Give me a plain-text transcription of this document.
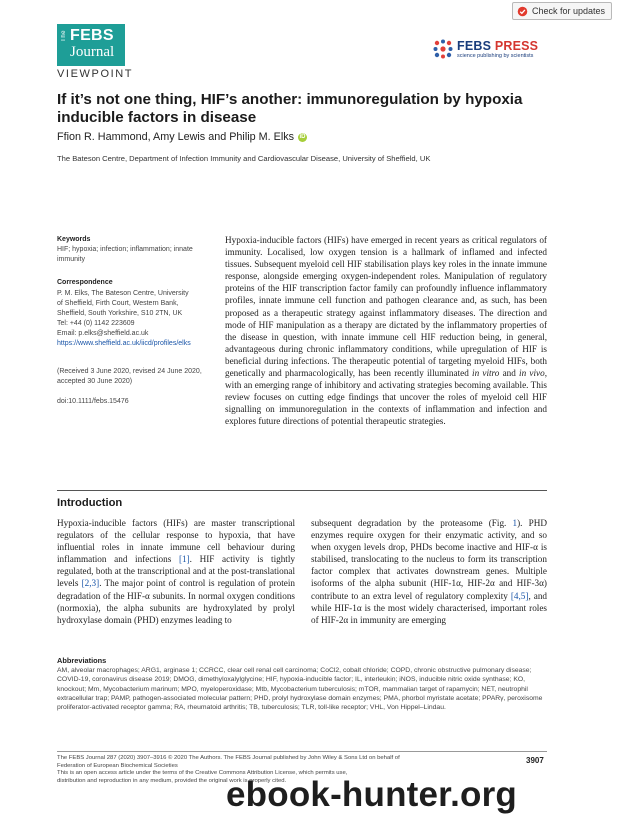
Check for updates
The FEBS
Journal	FEBS PRESS
science publishing by scientists
VIEWPOINT
If it’s not one thing, HIF’s another: immunoregulation by hypoxia inducible factors in disease
Ffion R. Hammond, Amy Lewis and Philip M. Elks iD
The Bateson Centre, Department of Infection Immunity and Cardiovascular Disease, University of Sheffield, UK
Keywords
HIF; hypoxia; infection; inflammation; innate immunity
Correspondence
P. M. Elks, The Bateson Centre, University
of Sheffield, Firth Court, Western Bank,
Sheffield, South Yorkshire, S10 2TN, UK
Tel: +44 (0) 1142 223609
Email: p.elks@sheffield.ac.uk
https://www.sheffield.ac.uk/iicd/profiles/elks
(Received 3 June 2020, revised 24 June 2020, accepted 30 June 2020)
doi:10.1111/febs.15476

Hypoxia-inducible factors (HIFs) have emerged in recent years as critical regulators of immunity. Localised, low oxygen tension is a hallmark of inflamed and infected tissues. Subsequent myeloid cell HIF stabilisation plays key roles in the innate immune response, alongside emerging oxygen-independent roles. Manipulation of regulatory proteins of the HIF transcription factor family can profoundly influence inflammatory profiles, innate immune cell function and pathogen clearance and, as such, has been proposed as a therapeutic strategy against inflammatory diseases. The direction and mode of HIF manipulation as a therapy are dictated by the inflammatory properties of the disease in question, with innate immune cell HIF reduction being, in general, advantageous during chronic inflammatory conditions, while upregulation of HIF is beneficial during infections. The therapeutic potential of targeting myeloid HIFs, both genetically and pharmacologically, has been recently illuminated in vitro and in vivo, with an emerging range of inhibitory and activating strategies becoming available. This review focuses on cutting edge findings that uncover the roles of myeloid cell HIF signalling on immunoregulation in the contexts of inflammation and infection and explores future directions of potential therapeutic strategies.

Introduction

Hypoxia-inducible factors (HIFs) are master transcriptional regulators of the cellular response to hypoxia, that have influential roles in innate immune cell behaviour during inflammation and infections [1]. HIF activity is tightly regulated, both at the transcriptional and at the post-translational levels [2,3]. The major point of control is regulation of protein degradation of the HIF-α subunits. In normal oxygen conditions (normoxia), the alpha subunits are hydroxylated by prolyl hydroxylase domain (PHD) enzymes leading to

subsequent degradation by the proteasome (Fig. 1). PHD enzymes require oxygen for their enzymatic activity, and so when oxygen levels drop, PHDs become inactive and HIF-α is stabilised, translocating to the nucleus to form its transcription factor complex that activates downstream genes. Multiple isoforms of the alpha subunit (HIF-1α, HIF-2α and HIF-3α) contribute to an extra level of regulatory complexity [4,5], and while HIF-1α is the most widely characterised, important roles of HIF-2α in immunity are emerging

Abbreviations

AM, alveolar macrophages; ARG1, arginase 1; CCRCC, clear cell renal cell carcinoma; CoCl2, cobalt chloride; COPD, chronic obstructive pulmonary disease; COVID-19, coronavirus disease 2019; DMOG, dimethyloxalylglycine; HIF, hypoxia-inducible factor; IL, interleukin; iNOS, inducible nitric oxide synthase; KO, knockout; Mm, Mycobacterium marinum; MPO, myeloperoxidase; Mtb, Mycobacterium tuberculosis; mTOR, mammalian target of rapamycin; NET, neutrophil extracellular trap; PAMP, pathogen-associated molecular pattern; PHD, prolyl hydroxylase domain enzymes; PMA, phorbol myristate acetate; PPARγ, peroxisome proliferator-activated receptor gamma; RA, rheumatoid arthritis; TB, tuberculosis; TLR, toll-like receptor; VHL, Von Hippel–Lindau.

The FEBS Journal 287 (2020) 3907–3916 © 2020 The Authors. The FEBS Journal published by John Wiley & Sons Ltd on behalf of
Federation of European Biochemical Societies
This is an open access article under the terms of the Creative Commons Attribution License, which permits use,
distribution and reproduction in any medium, provided the original work is properly cited.
3907
ebook-hunter.org
